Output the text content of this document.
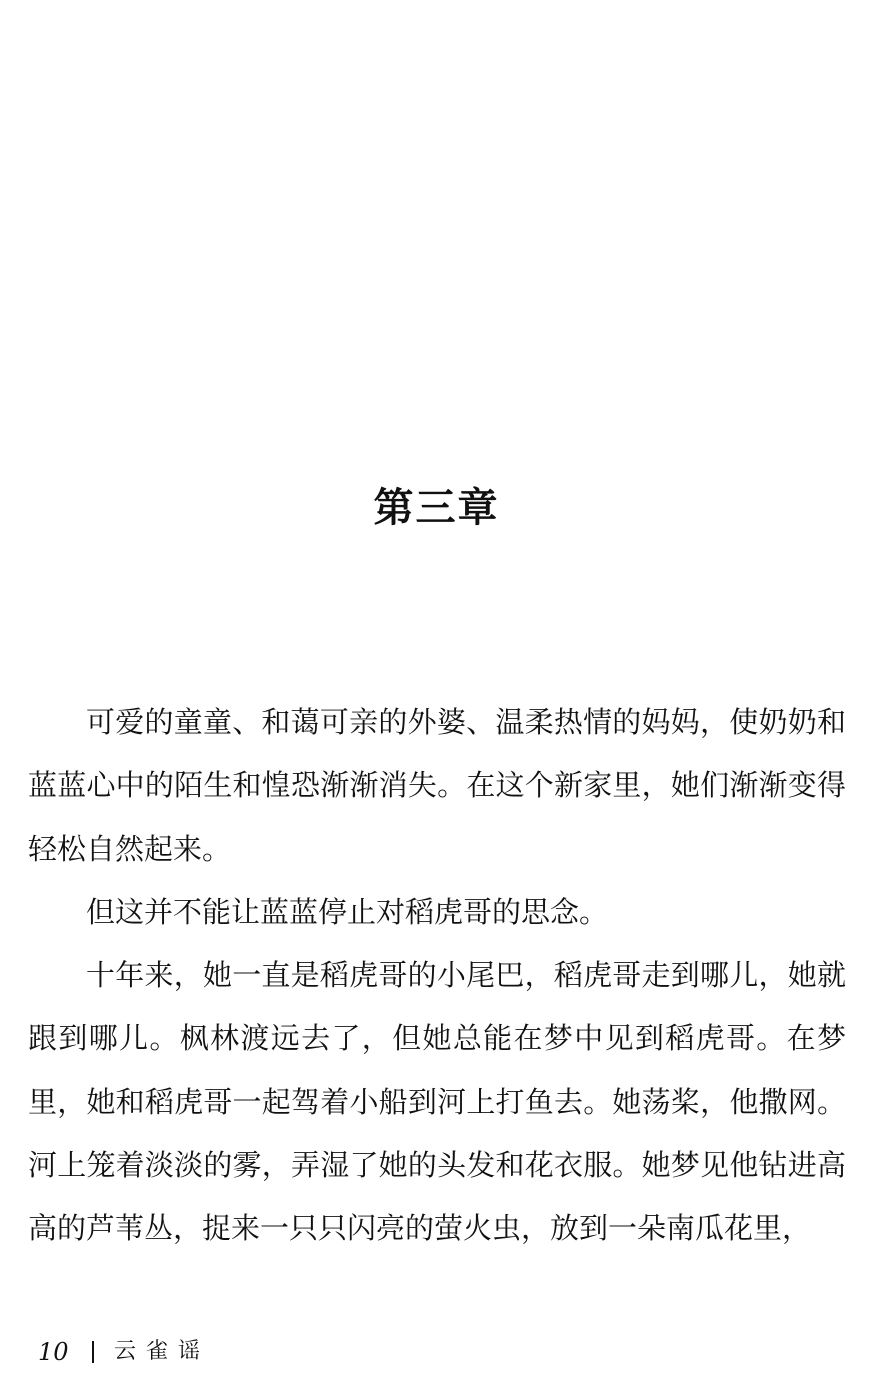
第三章

可爱的童童、和蔼可亲的外婆、温柔热情的妈妈，使奶奶和蓝蓝心中的陌生和惶恐渐渐消失。在这个新家里，她们渐渐变得轻松自然起来。

但这并不能让蓝蓝停止对稻虎哥的思念。

十年来，她一直是稻虎哥的小尾巴，稻虎哥走到哪儿，她就跟到哪儿。枫林渡远去了，但她总能在梦中见到稻虎哥。在梦里，她和稻虎哥一起驾着小船到河上打鱼去。她荡桨，他撒网。河上笼着淡淡的雾，弄湿了她的头发和花衣服。她梦见他钻进高高的芦苇丛，捉来一只只闪亮的萤火虫，放到一朵南瓜花里，

10	云雀谣
